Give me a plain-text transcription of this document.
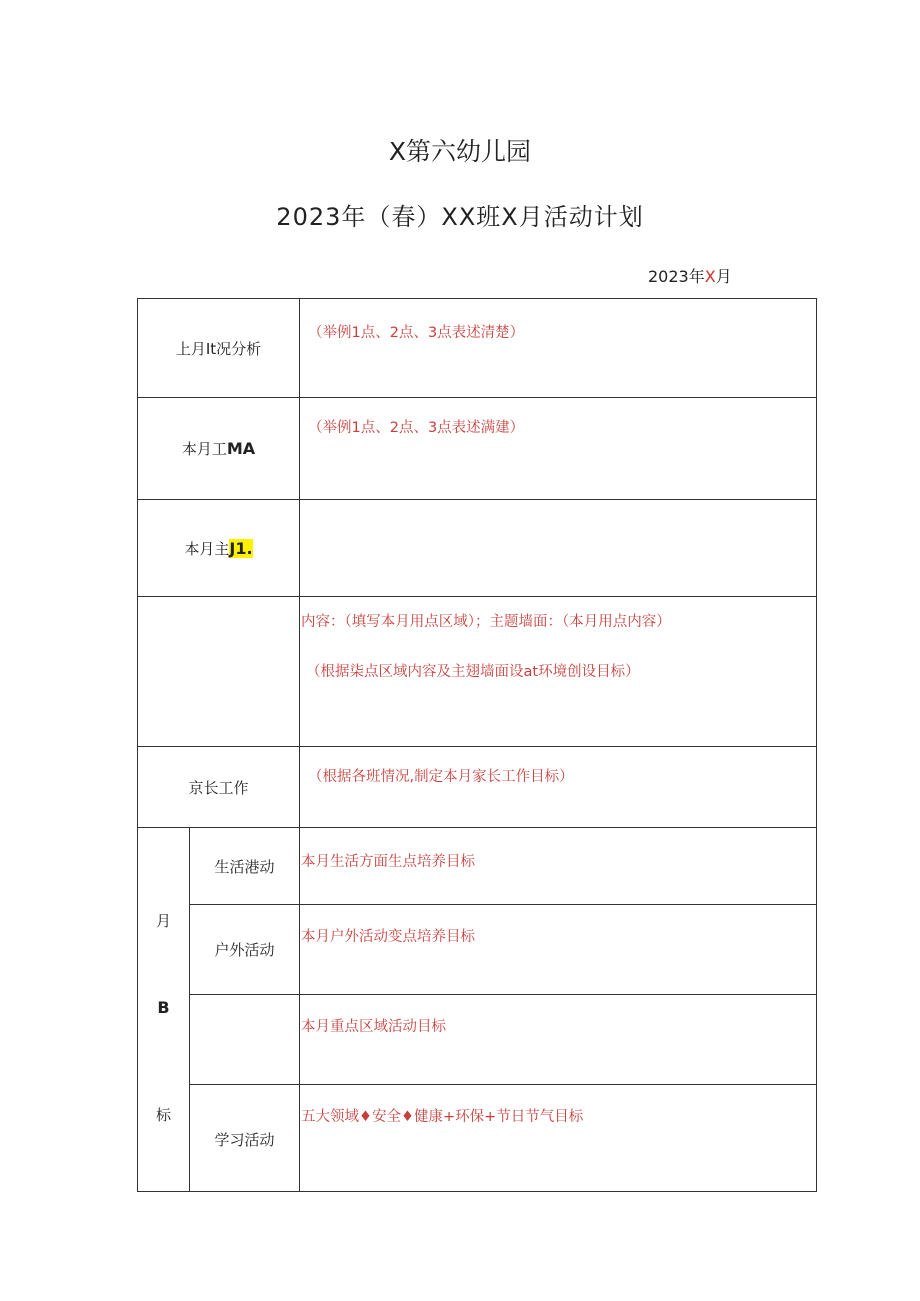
X第六幼儿园
2023年（春）XX班X月活动计划
2023年X月
上月It况分析		（举例1点、2点、3点表述清楚）
本月工MA		（举例1点、2点、3点表述满建）
本月主J1.		

		内容：（填写本月用点区域）；主题墙面：（本月用点内容）
（根据柒点区域内容及主翅墙面设at环境创设目标）

京长工作		（根据各班情况,制定本月家长工作目标）

月
B
标	生活港动	本月生活方面生点培养目标
	户外活动	本月户外活动变点培养目标
		本月重点区域活动目标
	学习活动	五大领域♦安全♦健康+环保+节日节气目标
